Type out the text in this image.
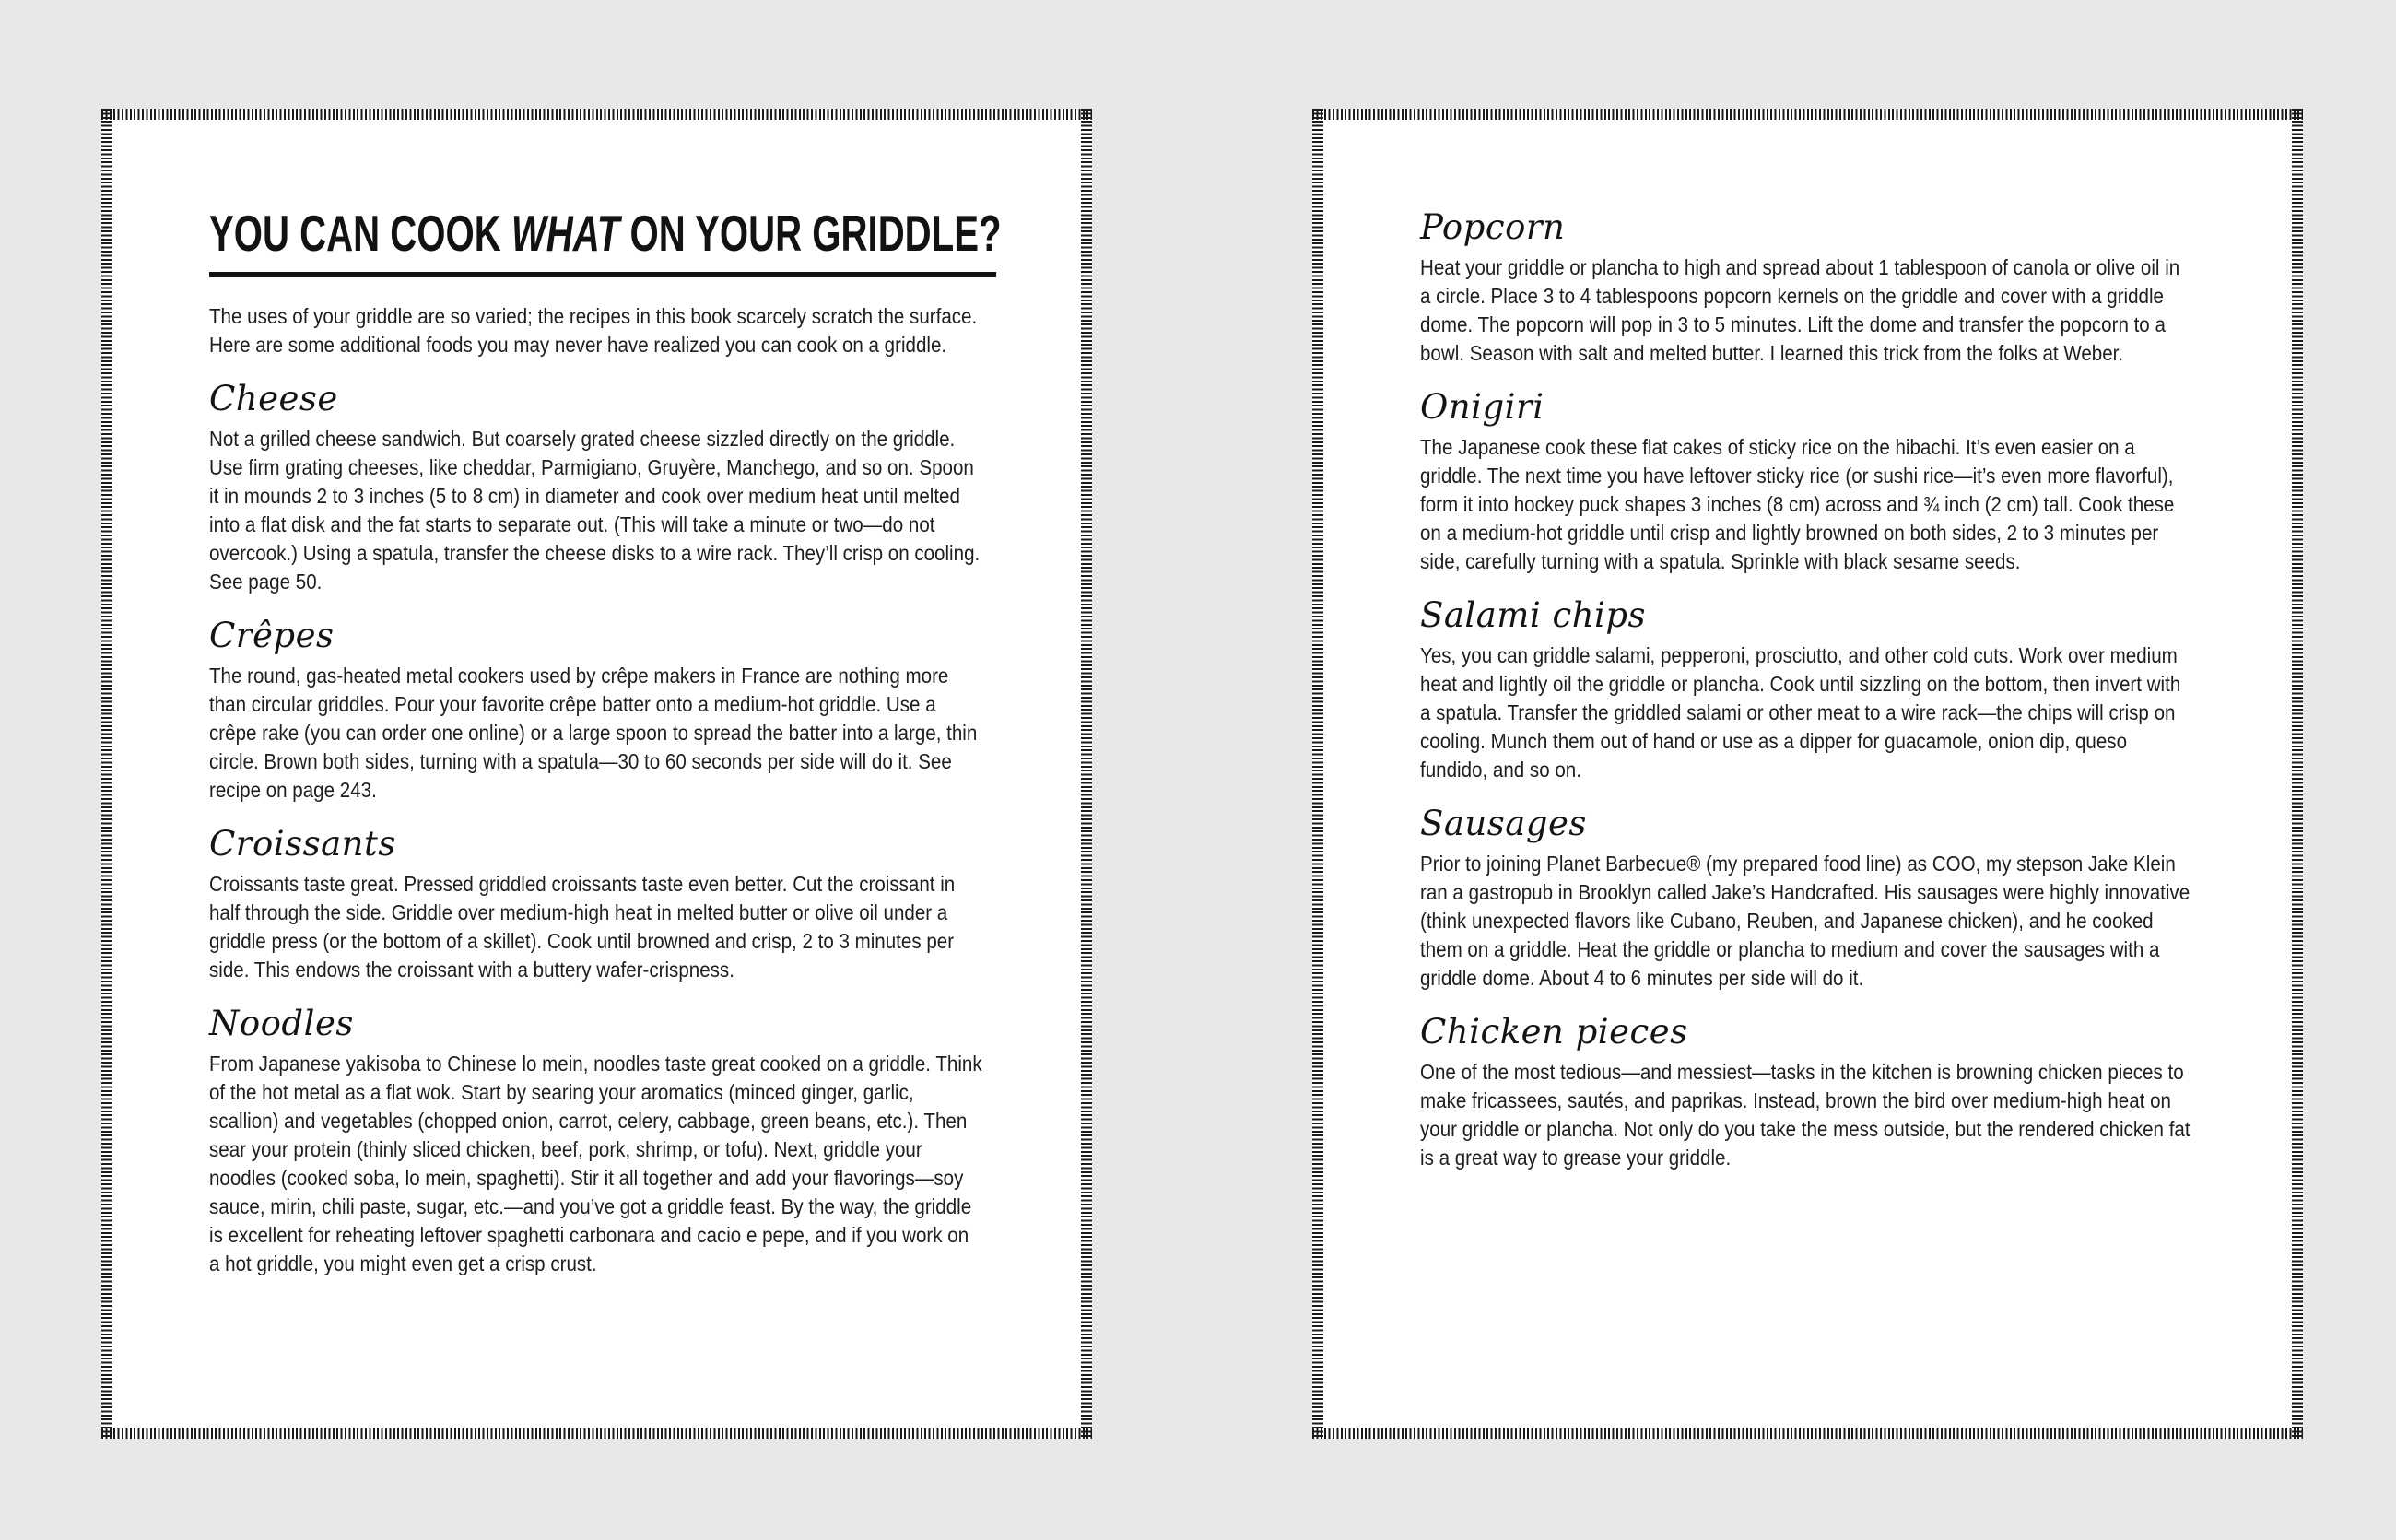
YOU CAN COOK WHAT ON YOUR GRIDDLE?

The uses of your griddle are so varied; the recipes in this book scarcely scratch the surface. Here are some additional foods you may never have realized you can cook on a griddle.

Cheese

Not a grilled cheese sandwich. But coarsely grated cheese sizzled directly on the griddle. Use firm grating cheeses, like cheddar, Parmigiano, Gruyère, Manchego, and so on. Spoon it in mounds 2 to 3 inches (5 to 8 cm) in diameter and cook over medium heat until melted into a flat disk and the fat starts to separate out. (This will take a minute or two—do not overcook.) Using a spatula, transfer the cheese disks to a wire rack. They’ll crisp on cooling. See page 50.

Crêpes

The round, gas-heated metal cookers used by crêpe makers in France are nothing more than circular griddles. Pour your favorite crêpe batter onto a medium-hot griddle. Use a crêpe rake (you can order one online) or a large spoon to spread the batter into a large, thin circle. Brown both sides, turning with a spatula—30 to 60 seconds per side will do it. See recipe on page 243.

Croissants

Croissants taste great. Pressed griddled croissants taste even better. Cut the croissant in half through the side. Griddle over medium-high heat in melted butter or olive oil under a griddle press (or the bottom of a skillet). Cook until browned and crisp, 2 to 3 minutes per side. This endows the croissant with a buttery wafer-crispness.

Noodles

From Japanese yakisoba to Chinese lo mein, noodles taste great cooked on a griddle. Think of the hot metal as a flat wok. Start by searing your aromatics (minced ginger, garlic, scallion) and vegetables (chopped onion, carrot, celery, cabbage, green beans, etc.). Then sear your protein (thinly sliced chicken, beef, pork, shrimp, or tofu). Next, griddle your noodles (cooked soba, lo mein, spaghetti). Stir it all together and add your flavorings—soy sauce, mirin, chili paste, sugar, etc.—and you’ve got a griddle feast. By the way, the griddle is excellent for reheating leftover spaghetti carbonara and cacio e pepe, and if you work on a hot griddle, you might even get a crisp crust.

Popcorn

Heat your griddle or plancha to high and spread about 1 tablespoon of canola or olive oil in a circle. Place 3 to 4 tablespoons popcorn kernels on the griddle and cover with a griddle dome. The popcorn will pop in 3 to 5 minutes. Lift the dome and transfer the popcorn to a bowl. Season with salt and melted butter. I learned this trick from the folks at Weber.

Onigiri

The Japanese cook these flat cakes of sticky rice on the hibachi. It’s even easier on a griddle. The next time you have leftover sticky rice (or sushi rice—it’s even more flavorful), form it into hockey puck shapes 3 inches (8 cm) across and ¾ inch (2 cm) tall. Cook these on a medium-hot griddle until crisp and lightly browned on both sides, 2 to 3 minutes per side, carefully turning with a spatula. Sprinkle with black sesame seeds.

Salami chips

Yes, you can griddle salami, pepperoni, prosciutto, and other cold cuts. Work over medium heat and lightly oil the griddle or plancha. Cook until sizzling on the bottom, then invert with a spatula. Transfer the griddled salami or other meat to a wire rack—the chips will crisp on cooling. Munch them out of hand or use as a dipper for guacamole, onion dip, queso fundido, and so on.

Sausages

Prior to joining Planet Barbecue® (my prepared food line) as COO, my stepson Jake Klein ran a gastropub in Brooklyn called Jake’s Handcrafted. His sausages were highly innovative (think unexpected flavors like Cubano, Reuben, and Japanese chicken), and he cooked them on a griddle. Heat the griddle or plancha to medium and cover the sausages with a griddle dome. About 4 to 6 minutes per side will do it.

Chicken pieces

One of the most tedious—and messiest—tasks in the kitchen is browning chicken pieces to make fricassees, sautés, and paprikas. Instead, brown the bird over medium-high heat on your griddle or plancha. Not only do you take the mess outside, but the rendered chicken fat is a great way to grease your griddle.
